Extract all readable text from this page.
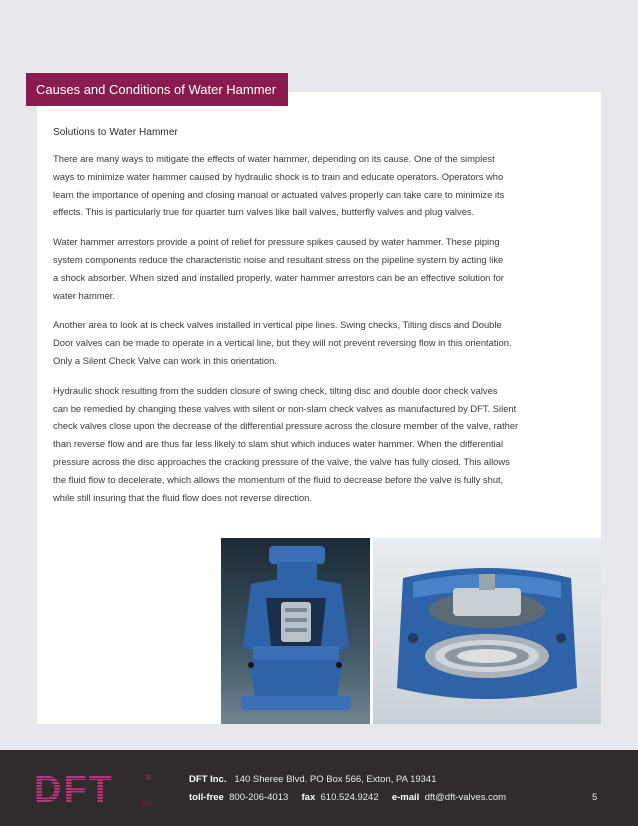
Causes and Conditions of Water Hammer
Solutions to Water Hammer
There are many ways to mitigate the effects of water hammer, depending on its cause. One of the simplest
ways to minimize water hammer caused by hydraulic shock is to train and educate operators. Operators who
learn the importance of opening and closing manual or actuated valves properly can take care to minimize its
effects. This is particularly true for quarter turn valves like ball valves, butterfly valves and plug valves.
Water hammer arrestors provide a point of relief for pressure spikes caused by water hammer. These piping
system components reduce the characteristic noise and resultant stress on the pipeline system by acting like
a shock absorber. When sized and installed properly, water hammer arrestors can be an effective solution for
water hammer.
Another area to look at is check valves installed in vertical pipe lines. Swing checks, Tilting discs and Double
Door valves can be made to operate in a vertical line, but they will not prevent reversing flow in this orientation.
Only a Silent Check Valve can work in this orientation.
Hydraulic shock resulting from the sudden closure of swing check, tilting disc and double door check valves
can be remedied by changing these valves with silent or non-slam check valves as manufactured by DFT. Silent
check valves close upon the decrease of the differential pressure across the closure member of the valve, rather
than reverse flow and are thus far less likely to slam shut which induces water hammer. When the differential
pressure across the disc approaches the cracking pressure of the valve, the valve has fully closed. This allows
the fluid flow to decelerate, which allows the momentum of the fluid to decrease before the valve is fully shut,
while still insuring that the fluid flow does not reverse direction.
DFT	®
INC.
DFT Inc. 140 Sheree Blvd. PO Box 566, Exton, PA 19341
toll-free 800-206-4013 fax 610.524.9242 e-mail dft@dft-valves.com	5
